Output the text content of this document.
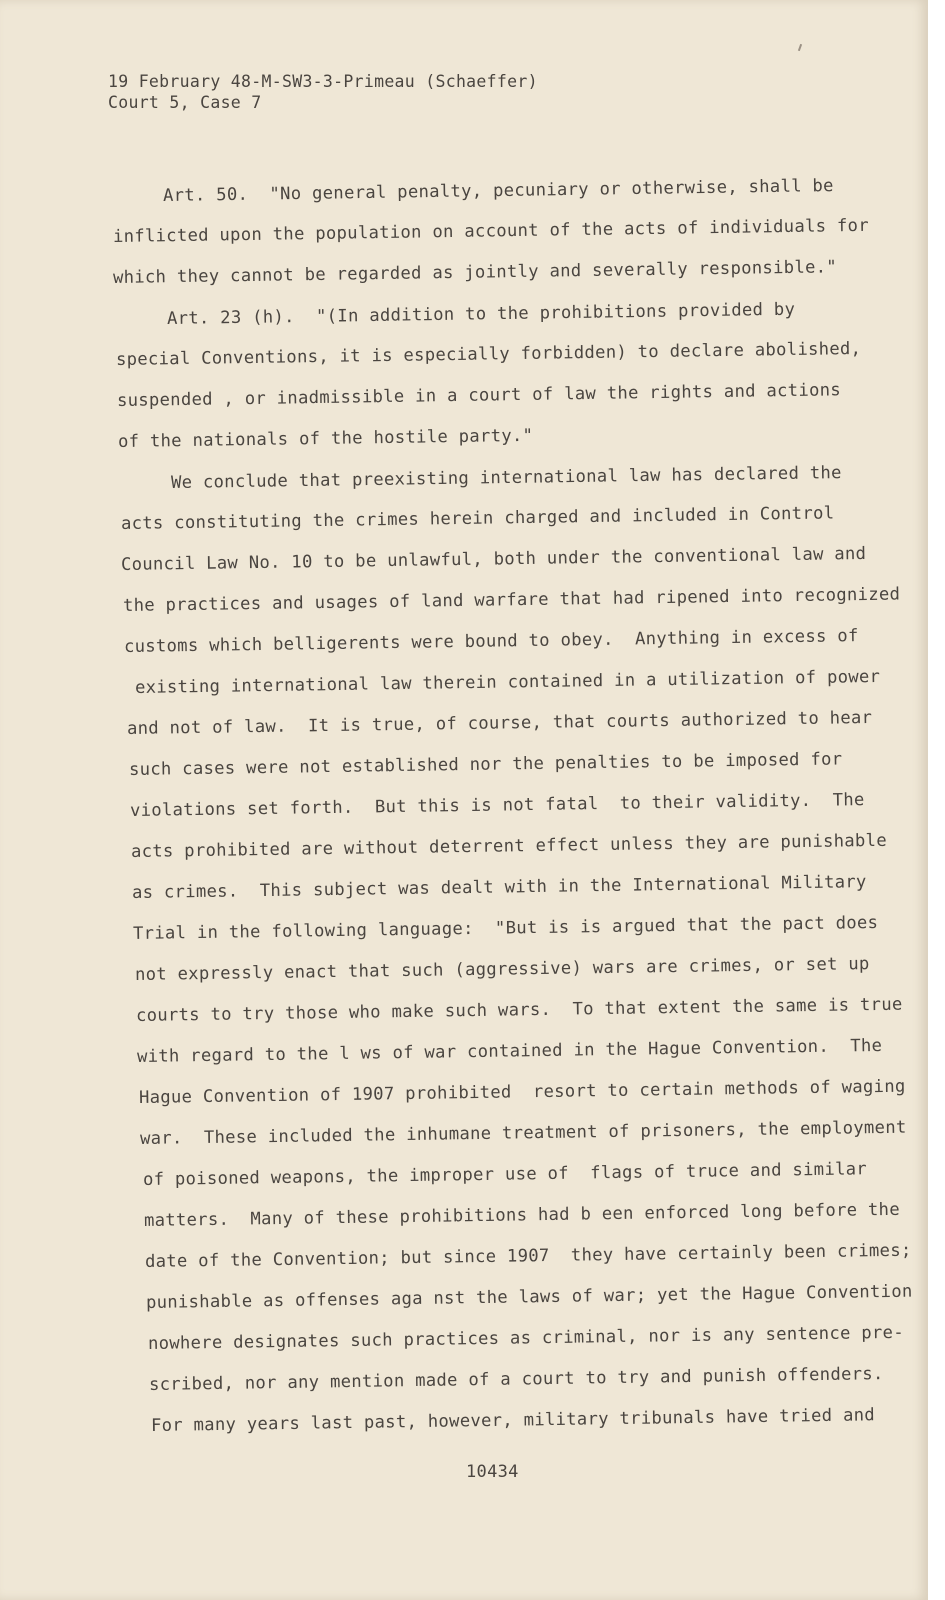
19 February 48-M-SW3-3-Primeau (Schaeffer)
Court 5, Case 7
Art. 50.  "No general penalty, pecuniary or otherwise, shall be
inflicted upon the population on account of the acts of individuals for
which they cannot be regarded as jointly and severally responsible."
Art. 23 (h).  "(In addition to the prohibitions provided by
special Conventions, it is especially forbidden) to declare abolished,
suspended , or inadmissible in a court of law the rights and actions
of the nationals of the hostile party."
We conclude that preexisting international law has declared the
acts constituting the crimes herein charged and included in Control
Council Law No. 10 to be unlawful, both under the conventional law and
the practices and usages of land warfare that had ripened into recognized
customs which belligerents were bound to obey.  Anything in excess of
existing international law therein contained in a utilization of power
and not of law.  It is true, of course, that courts authorized to hear
such cases were not established nor the penalties to be imposed for
violations set forth.  But this is not fatal  to their validity.  The
acts prohibited are without deterrent effect unless they are punishable
as crimes.  This subject was dealt with in the International Military
Trial in the following language:  "But is is argued that the pact does
not expressly enact that such (aggressive) wars are crimes, or set up
courts to try those who make such wars.  To that extent the same is true
with regard to the l ws of war contained in the Hague Convention.  The
Hague Convention of 1907 prohibited  resort to certain methods of waging
war.  These included the inhumane treatment of prisoners, the employment
of poisoned weapons, the improper use of  flags of truce and similar
matters.  Many of these prohibitions had b een enforced long before the
date of the Convention; but since 1907  they have certainly been crimes;
punishable as offenses aga nst the laws of war; yet the Hague Convention
nowhere designates such practices as criminal, nor is any sentence pre-
scribed, nor any mention made of a court to try and punish offenders.
For many years last past, however, military tribunals have tried and
10434
